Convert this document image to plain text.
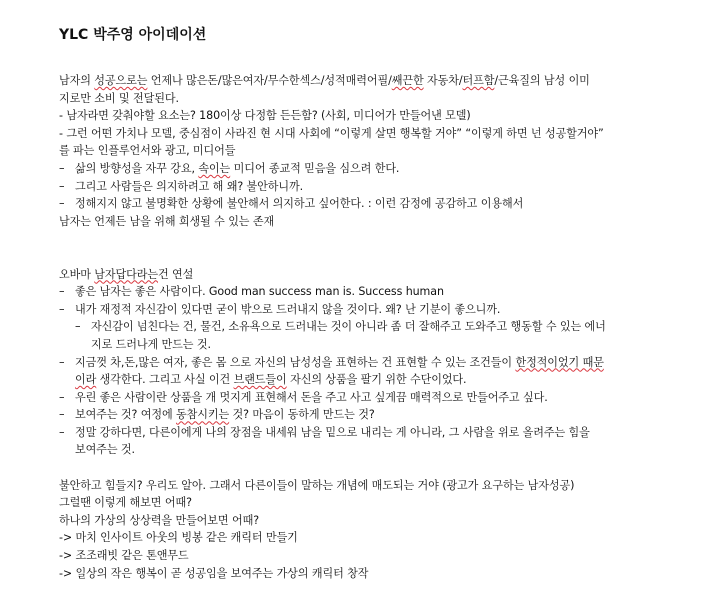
YLC 박주영 아이데이션
남자의 성공으로는 언제나 많은돈/많은여자/무수한섹스/성적매력어필/쌔끈한 자동차/터프함/근육질의 남성 이미
지로만 소비 및 전달된다.
- 남자라면 갖춰야할 요소는? 180이상 다정함 든든함? (사회, 미디어가 만들어낸 모델)
- 그런 어떤 가치나 모델, 중심점이 사라진 현 시대 사회에 “이렇게 살면 행복할 거야” “이렇게 하면 넌 성공할거야”
를 파는 인플루언서와 광고, 미디어들
– 삶의 방향성을 자꾸 강요, 속이는 미디어 종교적 믿음을 심으려 한다.
– 그리고 사람들은 의지하려고 해 왜? 불안하니까.
– 정해지지 않고 불명확한 상황에 불안해서 의지하고 싶어한다. : 이런 감정에 공감하고 이용해서
남자는 언제든 남을 위해 희생될 수 있는 존재
오바마 남자답다라는건 연설
– 좋은 남자는 좋은 사람이다. Good man success man is. Success human
– 내가 재정적 자신감이 있다면 굳이 밖으로 드러내지 않을 것이다. 왜? 난 기분이 좋으니까.
– 자신감이 넘친다는 건, 물건, 소유욕으로 드러내는 것이 아니라 좀 더 잘해주고 도와주고 행동할 수 있는 에너
지로 드러나게 만드는 것.
– 지금껏 차,돈,많은 여자, 좋은 몸 으로 자신의 남성성을 표현하는 건 표현할 수 있는 조건들이 한정적이었기 때문
이라 생각한다. 그리고 사실 이건 브랜드들이 자신의 상품을 팔기 위한 수단이었다.
– 우린 좋은 사람이란 상품을 개 멋지게 표현해서 돈을 주고 사고 싶게끔 매력적으로 만들어주고 싶다.
– 보여주는 것? 여정에 동참시키는 것? 마음이 동하게 만드는 것?
– 정말 강하다면, 다른이에게 나의 장점을 내세워 남을 밑으로 내리는 게 아니라, 그 사람을 위로 올려주는 힘을
보여주는 것.
불안하고 힘들지? 우리도 알아. 그래서 다른이들이 말하는 개념에 매도되는 거야 (광고가 요구하는 남자성공)
그럴땐 이렇게 해보면 어때?
하나의 가상의 상상력을 만들어보면 어때?
-> 마치 인사이트 아웃의 빙봉 같은 캐릭터 만들기
-> 조조래빗 같은 톤앤무드
-> 일상의 작은 행복이 곧 성공임을 보여주는 가상의 캐릭터 창작
